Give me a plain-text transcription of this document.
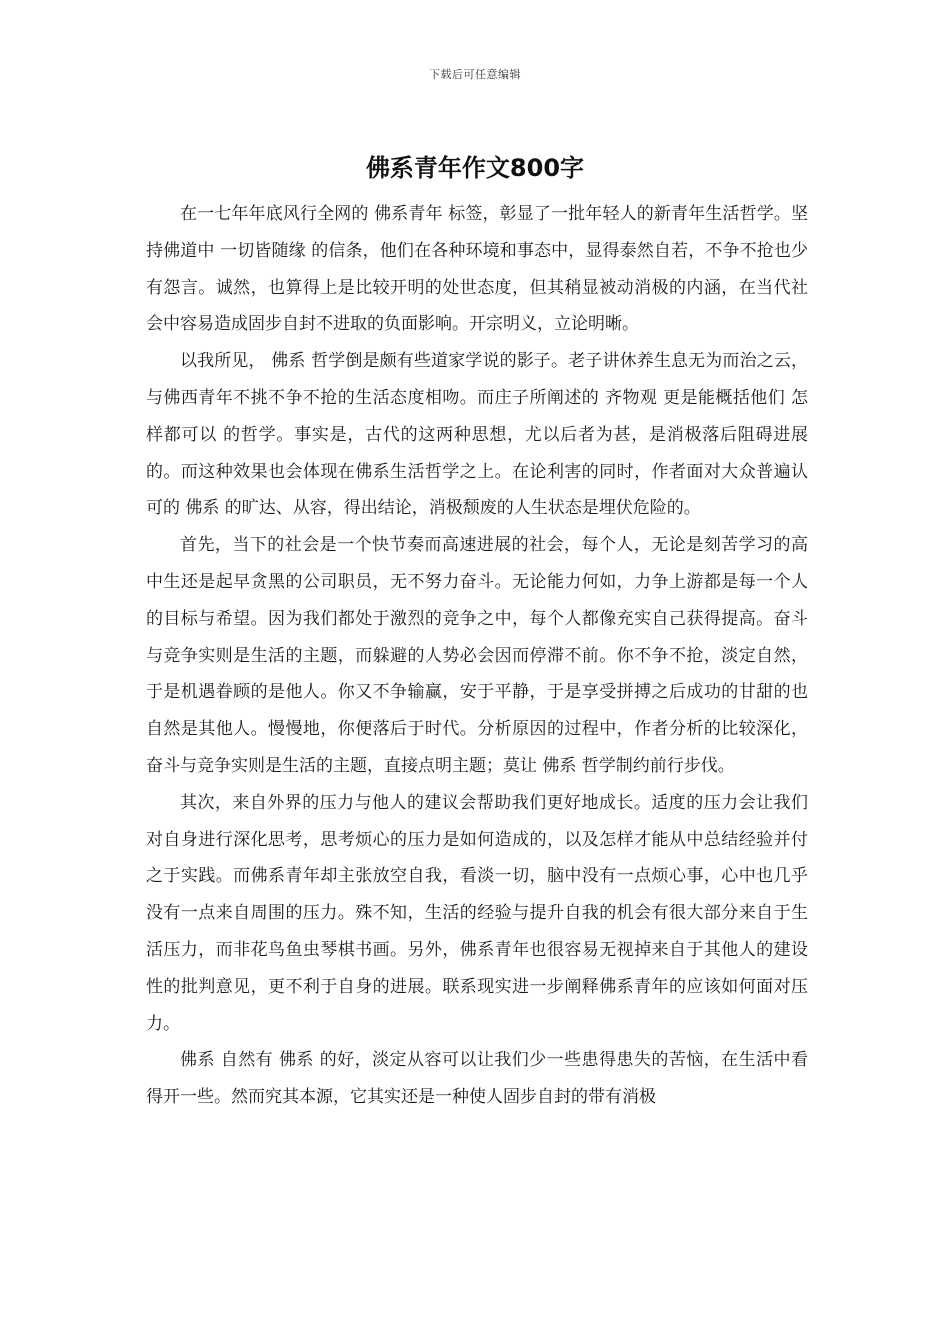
下载后可任意编辑
佛系青年作文800字

在一七年年底风行全网的 佛系青年 标签，彰显了一批年轻人的新青年生活哲学。坚持佛道中 一切皆随缘 的信条，他们在各种环境和事态中，显得泰然自若，不争不抢也少有怨言。诚然，也算得上是比较开明的处世态度，但其稍显被动消极的内涵，在当代社会中容易造成固步自封不进取的负面影响。开宗明义，立论明晰。

以我所见， 佛系 哲学倒是颇有些道家学说的影子。老子讲休养生息无为而治之云，与佛西青年不挑不争不抢的生活态度相吻。而庄子所阐述的 齐物观 更是能概括他们 怎样都可以 的哲学。事实是，古代的这两种思想，尤以后者为甚，是消极落后阻碍进展的。而这种效果也会体现在佛系生活哲学之上。在论利害的同时，作者面对大众普遍认可的 佛系 的旷达、从容，得出结论，消极颓废的人生状态是埋伏危险的。

首先，当下的社会是一个快节奏而高速进展的社会，每个人，无论是刻苦学习的高中生还是起早贪黑的公司职员，无不努力奋斗。无论能力何如，力争上游都是每一个人的目标与希望。因为我们都处于激烈的竞争之中，每个人都像充实自己获得提高。奋斗与竞争实则是生活的主题，而躲避的人势必会因而停滞不前。你不争不抢，淡定自然，于是机遇眷顾的是他人。你又不争输赢，安于平静，于是享受拼搏之后成功的甘甜的也自然是其他人。慢慢地，你便落后于时代。分析原因的过程中，作者分析的比较深化，奋斗与竞争实则是生活的主题，直接点明主题；莫让 佛系 哲学制约前行步伐。

其次，来自外界的压力与他人的建议会帮助我们更好地成长。适度的压力会让我们对自身进行深化思考，思考烦心的压力是如何造成的，以及怎样才能从中总结经验并付之于实践。而佛系青年却主张放空自我，看淡一切，脑中没有一点烦心事，心中也几乎没有一点来自周围的压力。殊不知，生活的经验与提升自我的机会有很大部分来自于生活压力，而非花鸟鱼虫琴棋书画。另外，佛系青年也很容易无视掉来自于其他人的建设性的批判意见，更不利于自身的进展。联系现实进一步阐释佛系青年的应该如何面对压力。

佛系 自然有 佛系 的好，淡定从容可以让我们少一些患得患失的苦恼，在生活中看得开一些。然而究其本源，它其实还是一种使人固步自封的带有消极
